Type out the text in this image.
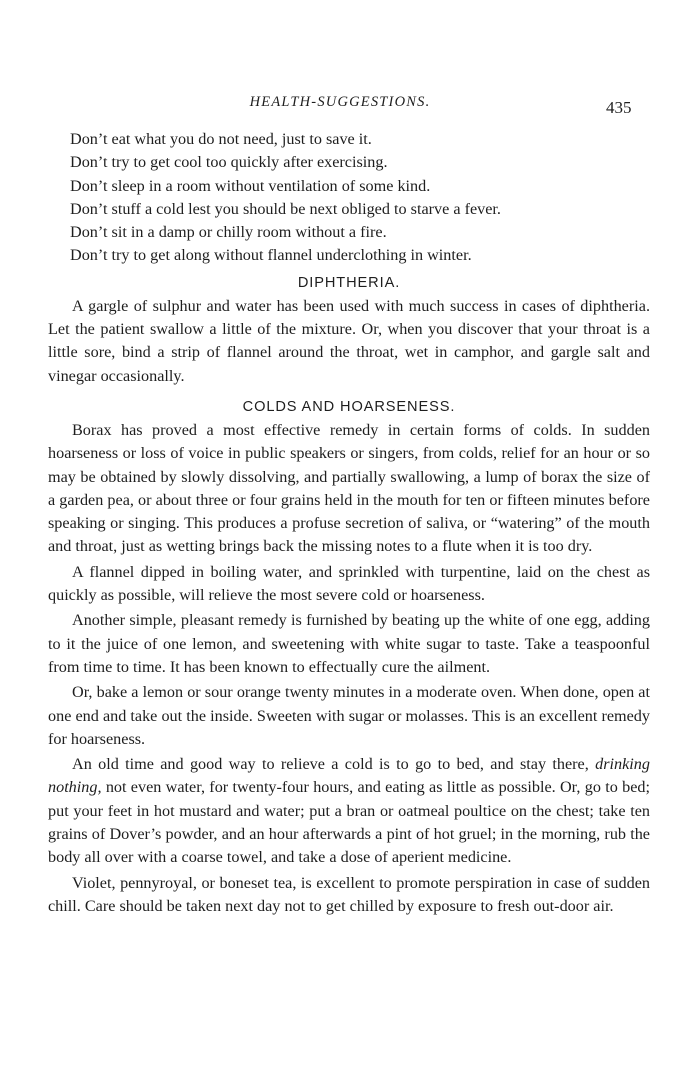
HEALTH-SUGGESTIONS.	435
Don’t eat what you do not need, just to save it.
Don’t try to get cool too quickly after exercising.
Don’t sleep in a room without ventilation of some kind.
Don’t stuff a cold lest you should be next obliged to starve a fever.
Don’t sit in a damp or chilly room without a fire.
Don’t try to get along without flannel underclothing in winter.
DIPHTHERIA.

A gargle of sulphur and water has been used with much success in cases of diphtheria. Let the patient swallow a little of the mixture. Or, when you discover that your throat is a little sore, bind a strip of flannel around the throat, wet in camphor, and gargle salt and vinegar occasionally.

COLDS AND HOARSENESS.

Borax has proved a most effective remedy in certain forms of colds. In sudden hoarseness or loss of voice in public speakers or singers, from colds, relief for an hour or so may be obtained by slowly dissolving, and partially swallowing, a lump of borax the size of a garden pea, or about three or four grains held in the mouth for ten or fifteen minutes before speaking or singing. This produces a profuse secretion of saliva, or “watering” of the mouth and throat, just as wetting brings back the missing notes to a flute when it is too dry.

A flannel dipped in boiling water, and sprinkled with turpentine, laid on the chest as quickly as possible, will relieve the most severe cold or hoarseness.

Another simple, pleasant remedy is furnished by beating up the white of one egg, adding to it the juice of one lemon, and sweetening with white sugar to taste. Take a teaspoonful from time to time. It has been known to effectually cure the ailment.

Or, bake a lemon or sour orange twenty minutes in a moderate oven. When done, open at one end and take out the inside. Sweeten with sugar or molasses. This is an excellent remedy for hoarseness.

An old time and good way to relieve a cold is to go to bed, and stay there, drinking nothing, not even water, for twenty-four hours, and eating as little as possible. Or, go to bed; put your feet in hot mustard and water; put a bran or oatmeal poultice on the chest; take ten grains of Dover’s powder, and an hour afterwards a pint of hot gruel; in the morning, rub the body all over with a coarse towel, and take a dose of aperient medicine.

Violet, pennyroyal, or boneset tea, is excellent to promote perspiration in case of sudden chill. Care should be taken next day not to get chilled by exposure to fresh out-door air.
